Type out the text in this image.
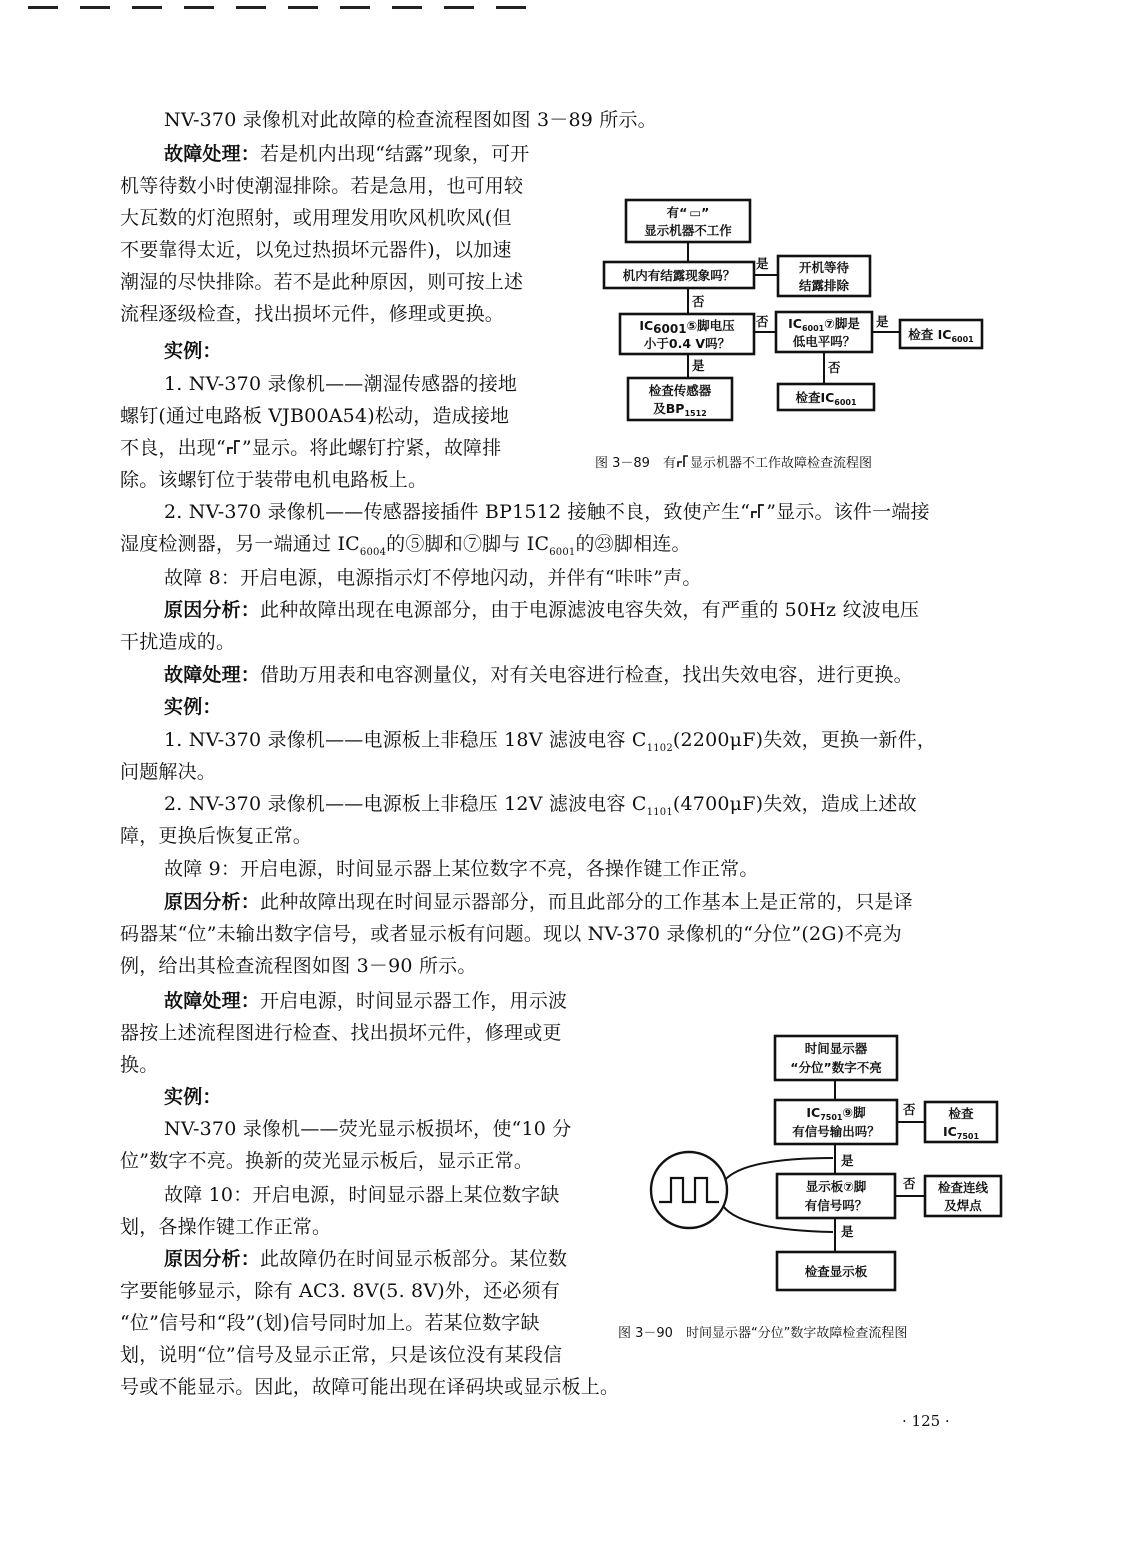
NV-370 录像机对此故障的检查流程图如图 3－89 所示。
故障处理：若是机内出现“结露”现象，可开
机等待数小时使潮湿排除。若是急用，也可用较
大瓦数的灯泡照射，或用理发用吹风机吹风(但
不要靠得太近，以免过热损坏元器件)，以加速
潮湿的尽快排除。若不是此种原因，则可按上述
流程逐级检查，找出损坏元件，修理或更换。
实例：
1. NV-370 录像机——潮湿传感器的接地
螺钉(通过电路板 VJB00A54)松动，造成接地
不良，出现“ ”显示。将此螺钉拧紧，故障排
除。该螺钉位于装带电机电路板上。
2. NV-370 录像机——传感器接插件 BP1512 接触不良，致使产生“ ”显示。该件一端接
湿度检测器，另一端通过 $IC_{6004}$的⑤脚和⑦脚与 $IC_{6001}$的㉓脚相连。
故障 8：开启电源，电源指示灯不停地闪动，并伴有“咔咔”声。
原因分析：此种故障出现在电源部分，由于电源滤波电容失效，有严重的 50Hz 纹波电压
干扰造成的。
故障处理：借助万用表和电容测量仪，对有关电容进行检查，找出失效电容，进行更换。
实例：
1. NV-370 录像机——电源板上非稳压 18V 滤波电容 $C_{1102}(2200\mu F)$失效，更换一新件，
问题解决。
2. NV-370 录像机——电源板上非稳压 12V 滤波电容 $C_{1101}(4700\mu F)$失效，造成上述故
障，更换后恢复正常。
故障 9：开启电源，时间显示器上某位数字不亮，各操作键工作正常。
原因分析：此种故障出现在时间显示器部分，而且此部分的工作基本上是正常的，只是译
码器某“位”未输出数字信号，或者显示板有问题。现以 NV-370 录像机的“分位”(2G)不亮为
例，给出其检查流程图如图 3－90 所示。
故障处理：开启电源，时间显示器工作，用示波
器按上述流程图进行检查、找出损坏元件，修理或更
换。
实例：
NV-370 录像机——荧光显示板损坏，使“10 分
位”数字不亮。换新的荧光显示板后，显示正常。
故障 10：开启电源，时间显示器上某位数字缺
划，各操作键工作正常。
原因分析：此故障仍在时间显示板部分。某位数
字要能够显示，除有 AC3. 8V(5. 8V)外，还必须有
“位”信号和“段”(划)信号同时加上。若某位数字缺
划，说明“位”信号及显示正常，只是该位没有某段信
号或不能显示。因此，故障可能出现在译码块或显示板上。
有“ ▭”
显示机器不工作
机内有结露现象吗？
是 开机等待
结露排除
否
IC6001⑤脚电压
小于0.4 V吗？
否 $IC_{6001}⑦$脚是
低电平吗？
是
检查 $IC_{6001}$
是
检查传感器
及$BP_{1512}$
否
检查$IC_{6001}$
图 3－89　有 显示机器不工作故障检查流程图
时间显示器
“分位”数字不亮
$IC_{7501}⑨$脚
有信号输出吗？
否	检查
$IC_{7501}$
是
显示板⑦脚
有信号吗？
否 检查连线
及焊点
是
检查显示板
图 3－90　时间显示器“分位”数字故障检查流程图
· 125 ·
